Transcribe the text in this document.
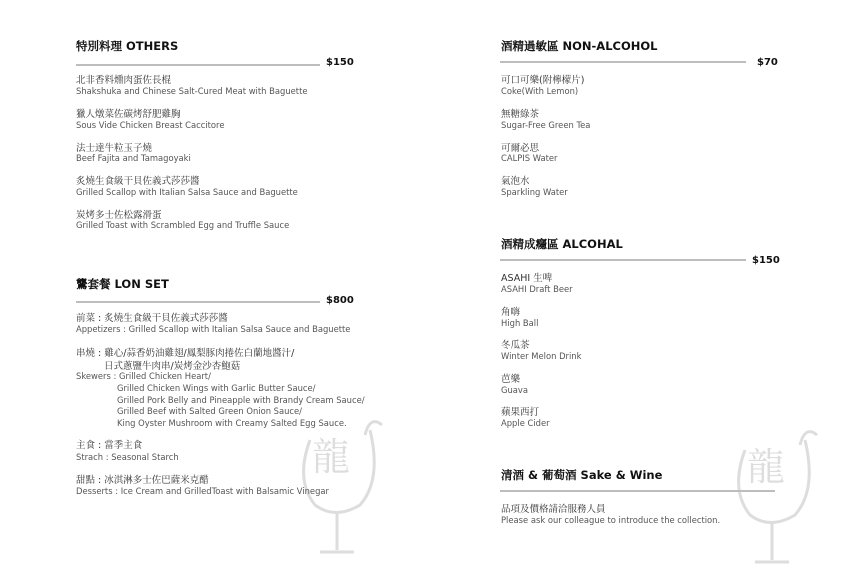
龍	龍
特別料理 OTHERS
$150
北非香料燻肉蛋佐長棍
Shakshuka and Chinese Salt-Cured Meat with Baguette
獵人燉菜佐碳烤舒肥雞胸
Sous Vide Chicken Breast Caccitore
法士達牛粒玉子燒
Beef Fajita and Tamagoyaki
炙燒生食級干貝佐義式莎莎醬
Grilled Scallop with Italian Salsa Sauce and Baguette
炭烤多士佐松露滑蛋
Grilled Toast with Scrambled Egg and Truffle Sauce
鸗套餐 LON SET
$800
前菜 : 炙燒生食級干貝佐義式莎莎醬
Appetizers : Grilled Scallop with Italian Salsa Sauce and Baguette
串燒 : 雞心/蒜香奶油雞翅/鳳梨豚肉捲佐白蘭地醬汁/
日式蔥鹽牛肉串/炭烤金沙杏鮑菇
Skewers : Grilled Chicken Heart/
Grilled Chicken Wings with Garlic Butter Sauce/
Grilled Pork Belly and Pineapple with Brandy Cream Sauce/
Grilled Beef with Salted Green Onion Sauce/
King Oyster Mushroom with Creamy Salted Egg Sauce.
主食 : 當季主食
Strach : Seasonal Starch
甜點 : 冰淇淋多士佐巴薩米克醋
Desserts : Ice Cream and GrilledToast with Balsamic Vinegar
酒精過敏區 NON-ALCOHOL
$70
可口可樂(附檸檬片)
Coke(With Lemon)
無糖綠茶
Sugar-Free Green Tea
可爾必思
CALPIS Water
氣泡水
Sparkling Water
酒精成癮區 ALCOHAL
$150
ASAHI 生啤
ASAHI Draft Beer
角嗨
High Ball
冬瓜茶
Winter Melon Drink
芭樂
Guava
蘋果西打
Apple Cider
清酒 & 葡萄酒 Sake & Wine
品項及價格請洽服務人員
Please ask our colleague to introduce the collection.
